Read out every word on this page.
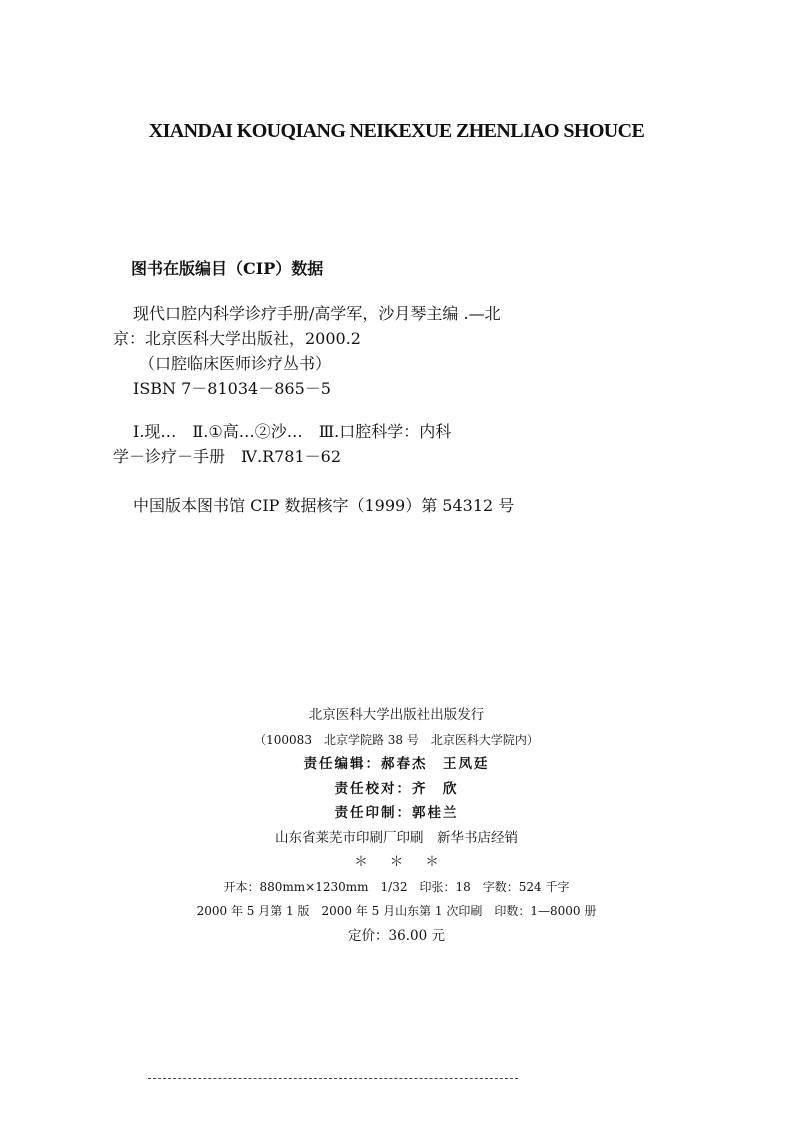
XIANDAI KOUQIANG NEIKEXUE ZHENLIAO SHOUCE
图书在版编目（CIP）数据
现代口腔内科学诊疗手册/高学军，沙月琴主编 .—北
京：北京医科大学出版社，2000.2
（口腔临床医师诊疗丛书）
ISBN 7－81034－865－5
Ⅰ.现…　Ⅱ.①高…②沙…　Ⅲ.口腔科学：内科
学－诊疗－手册　Ⅳ.R781－62
中国版本图书馆 CIP 数据核字（1999）第 54312 号
北京医科大学出版社出版发行
（100083　北京学院路 38 号　北京医科大学院内）
责任编辑：郝春杰　王凤廷
责任校对：齐　欣
责任印制：郭桂兰
山东省莱芜市印刷厂印刷　新华书店经销
＊＊＊
开本：880mm×1230mm　1/32　印张：18　字数：524 千字
2000 年 5 月第 1 版　2000 年 5 月山东第 1 次印刷　印数：1—8000 册
定价：36.00 元
